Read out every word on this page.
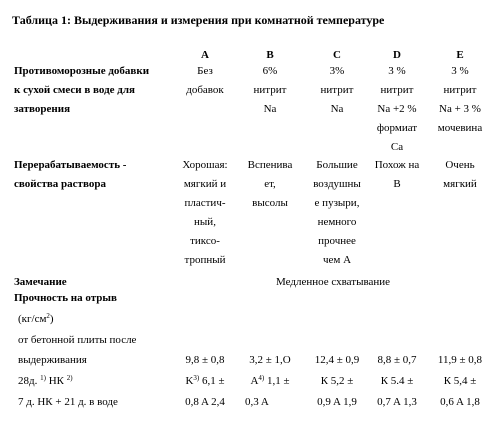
Таблица 1: Выдерживания и измерения при комнатной температуре
Противоморозные добавки
к сухой смеси в воде для
затворения
Перерабатываемость -
свойства раствора
Замечание	Медленное схватывание
Прочность на отрыв
$(кг/см^2)$
от бетонной плиты после
выдерживания
28д. $^{1)}$ НК $^{2)}$
7 д. НК + 21 д. в воде
A
Без
добавок
Хорошая:
мягкий и
пластич-
ный,
тиксо-
тропный
9,8 ± 0,8
$K^{3)}$ 6,1 ±
0,8 A 2,4
B
6%
нитрит
Na
Вспенива
ет,
высолы
3,2 ± 1,O
$A^{4)}$ 1,1 ±
0,3 A
C
3%
нитрит
Na
Большие
воздушны
е пузыри,
немного
прочнее
чем А
12,4 ± 0,9
К 5,2 ±
0,9 A 1,9
D
3 %
нитрит
Na +2 %
формиат
Ca
Похож на
В
8,8 ± 0,7
К 5.4 ±
0,7 A 1,3
E
3 %
нитрит
Na + 3 %
мочевина
Очень
мягкий
11,9 ± 0,8
К 5,4 ±
0,6 A 1,8
